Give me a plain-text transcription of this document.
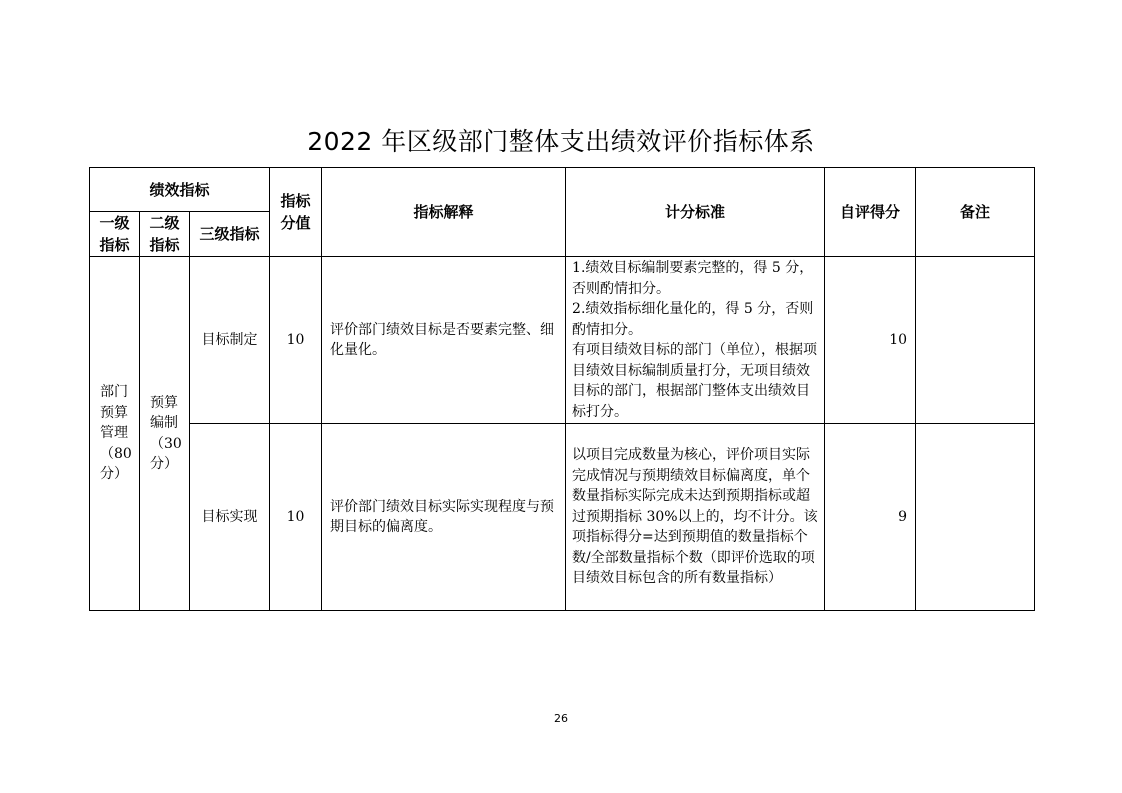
2022 年区级部门整体支出绩效评价指标体系
绩效指标			指标分值	指标解释	计分标准	自评得分	备注

一级指标	二级指标	三级指标					

部门预算管理（80分）	预算编制（30分）	目标制定	10	评价部门绩效目标是否要素完整、细化量化。	1.绩效目标编制要素完整的，得 5 分，否则酌情扣分。
2.绩效指标细化量化的，得 5 分，否则酌情扣分。
有项目绩效目标的部门（单位），根据项目绩效目标编制质量打分，无项目绩效目标的部门，根据部门整体支出绩效目标打分。	10	
		目标实现	10	评价部门绩效目标实际实现程度与预期目标的偏离度。	以项目完成数量为核心，评价项目实际完成情况与预期绩效目标偏离度，单个数量指标实际完成未达到预期指标或超过预期指标 30%以上的，均不计分。该项指标得分=达到预期值的数量指标个数/全部数量指标个数（即评价选取的项目绩效目标包含的所有数量指标）	9	
26
